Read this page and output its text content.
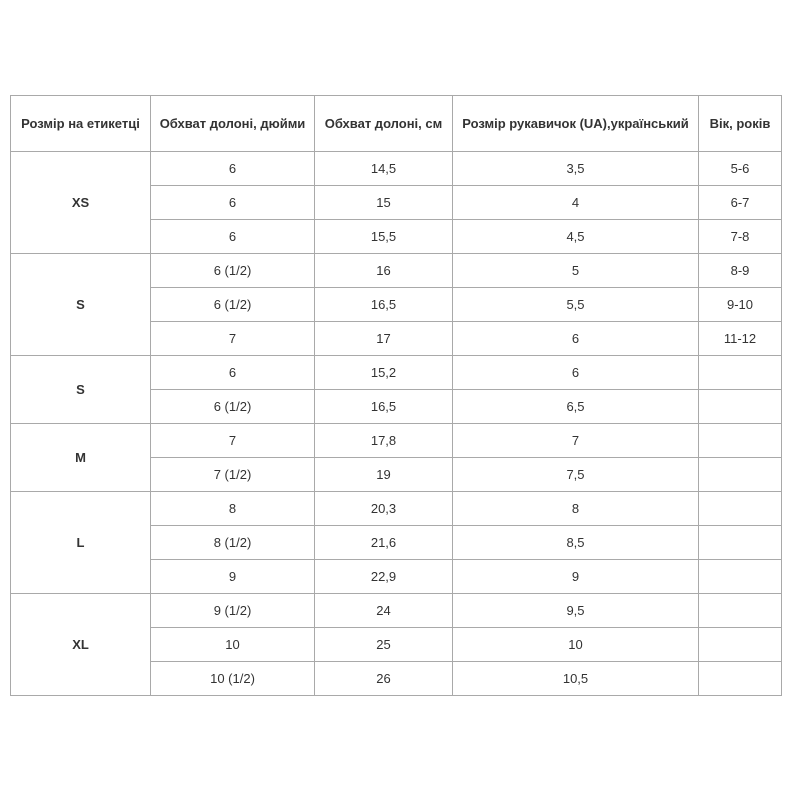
Розмір на етикетці	Обхват долоні, дюйми	Обхват долоні, см	Розмір рукавичок (UA),український	Вік, років
XS	6	14,5	3,5	5-6
	6	15	4	6-7
	6	15,5	4,5	7-8
S	6 (1/2)	16	5	8-9
	6 (1/2)	16,5	5,5	9-10
	7	17	6	11-12
S	6	15,2	6	
	6 (1/2)	16,5	6,5	
M	7	17,8	7	
	7 (1/2)	19	7,5	
L	8	20,3	8	
	8 (1/2)	21,6	8,5	
	9	22,9	9	
XL	9 (1/2)	24	9,5	
	10	25	10	
	10 (1/2)	26	10,5	
